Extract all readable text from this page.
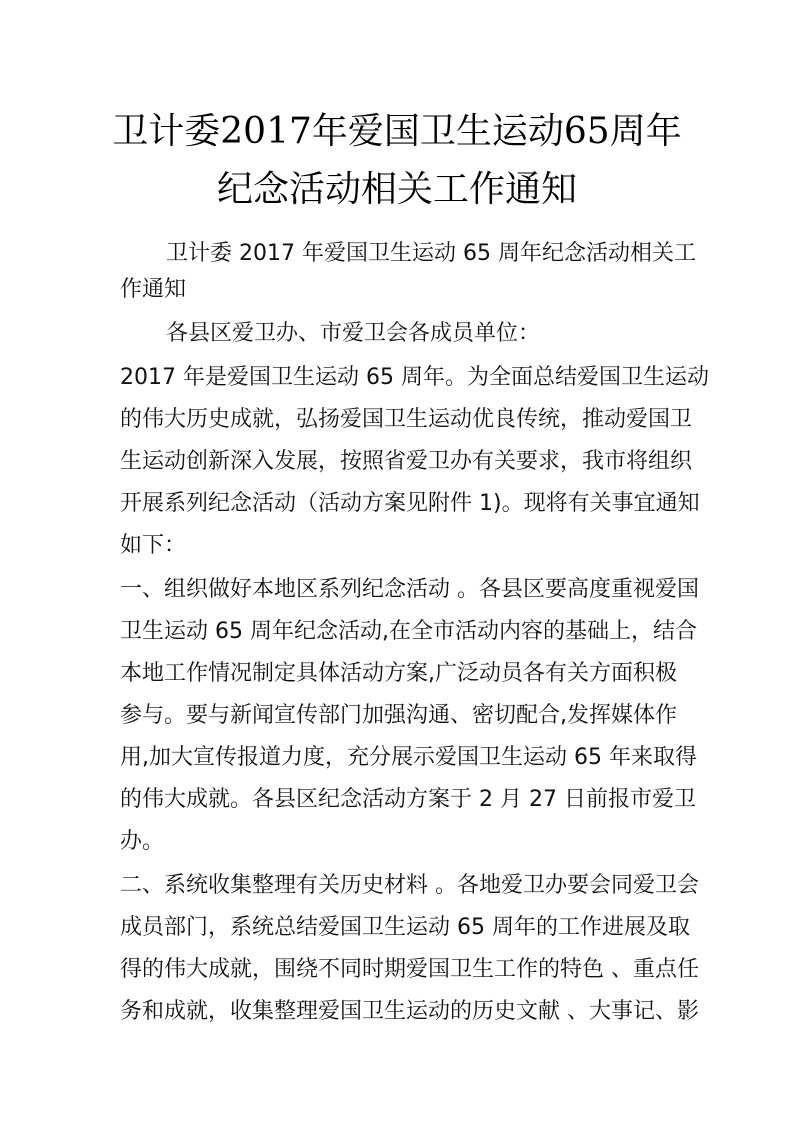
卫计委2017年爱国卫生运动65周年
纪念活动相关工作通知
卫计委 2017 年爱国卫生运动 65 周年纪念活动相关工
作通知
各县区爱卫办、市爱卫会各成员单位：
2017 年是爱国卫生运动 65 周年。为全面总结爱国卫生运动
的伟大历史成就，弘扬爱国卫生运动优良传统，推动爱国卫
生运动创新深入发展，按照省爱卫办有关要求，我市将组织
开展系列纪念活动（活动方案见附件 1)。现将有关事宜通知
如下：
一、组织做好本地区系列纪念活动 。各县区要高度重视爱国
卫生运动 65 周年纪念活动,在全市活动内容的基础上，结合
本地工作情况制定具体活动方案,广泛动员各有关方面积极
参与。要与新闻宣传部门加强沟通、密切配合,发挥媒体作
用,加大宣传报道力度，充分展示爱国卫生运动 65 年来取得
的伟大成就。各县区纪念活动方案于 2 月 27 日前报市爱卫
办。
二、系统收集整理有关历史材料 。各地爱卫办要会同爱卫会
成员部门，系统总结爱国卫生运动 65 周年的工作进展及取
得的伟大成就，围绕不同时期爱国卫生工作的特色 、重点任
务和成就，收集整理爱国卫生运动的历史文献 、大事记、影
